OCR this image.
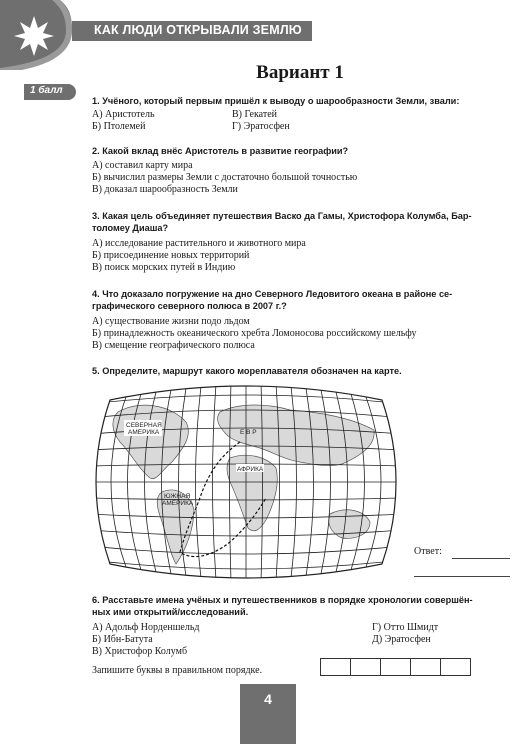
КАК ЛЮДИ ОТКРЫВАЛИ ЗЕМЛЮ
Вариант 1
1 балл
1. Учёного, который первым пришёл к выводу о шарообразности Земли, звали:
А) Аристотель
Б) Птолемей
В) Гекатей
Г) Эратосфен
2. Какой вклад внёс Аристотель в развитие географии?
А) составил карту мира
Б) вычислил размеры Земли с достаточно большой точностью
В) доказал шарообразность Земли
3. Какая цель объединяет путешествия Васко да Гамы, Христофора Колумба, Бар-
толомеу Диаша?
А) исследование растительного и животного мира
Б) присоединение новых территорий
В) поиск морских путей в Индию
4. Что доказало погружение на дно Северного Ледовитого океана в районе се-
графического северного полюса в 2007 г.?
А) существование жизни подо льдом
Б) принадлежность океанического хребта Ломоносова российскому шельфу
В) смещение географического полюса
5. Определите, маршрут какого мореплавателя обозначен на карте.
СЕВЕРНАЯ
АМЕРИКА	Е В Р
АФРИКА
ЮЖНАЯ
АМЕРИКА
Ответ:
6. Расставьте имена учёных и путешественников в порядке хронологии совершён-
ных ими открытий/исследований.
А) Адольф Норденшельд
Б) Ибн-Батута
В) Христофор Колумб
Г) Отто Шмидт
Д) Эратосфен
Запишите буквы в правильном порядке.
4
